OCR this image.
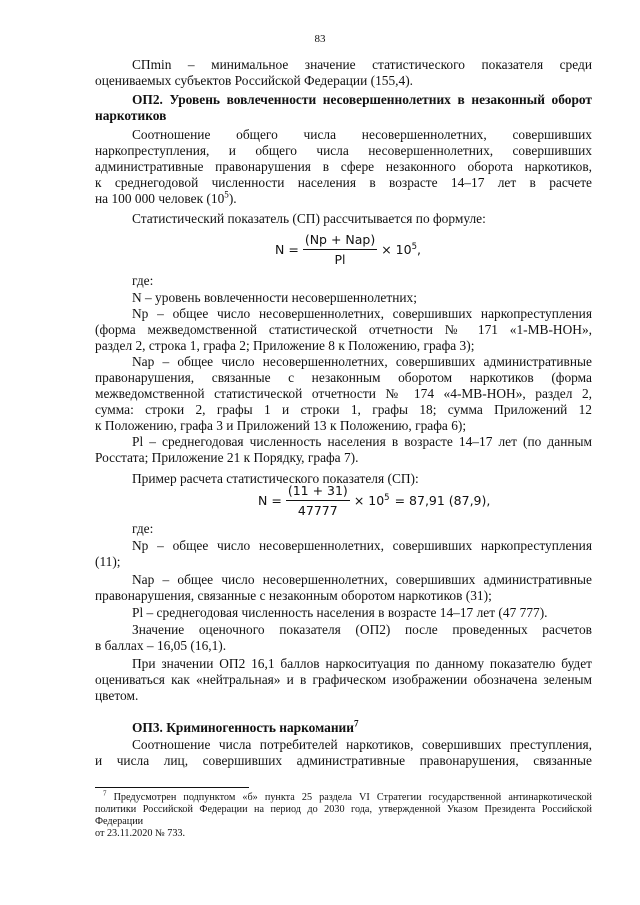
83

СПmin – минимальное значение статистического показателя среди

оцениваемых субъектов Российской Федерации (155,4).

ОП2. Уровень вовлеченности несовершеннолетних в незаконный оборот

наркотиков

Соотношение общего числа несовершеннолетних, совершивших

наркопреступления, и общего числа несовершеннолетних, совершивших

административные правонарушения в сфере незаконного оборота наркотиков,

к среднегодовой численности населения в возрасте 14–17 лет в расчете

на 100 000 человек $(10^5)$.

Статистический показатель (СП) рассчитывается по формуле:

$N = \frac{\text{(Np + Nap)}}{Pl} \times 10^5$ ,

где:

N – уровень вовлеченности несовершеннолетних;

Np – общее число несовершеннолетних, совершивших наркопреступления

(форма межведомственной статистической отчетности № 171 «1-МВ-НОН»,

раздел 2, строка 1, графа 2; Приложение 8 к Положению, графа 3);

Nap – общее число несовершеннолетних, совершивших административные

правонарушения, связанные с незаконным оборотом наркотиков (форма

межведомственной статистической отчетности № 174 «4-МВ-НОН», раздел 2,

сумма: строки 2, графы 1 и строки 1, графы 18; сумма Приложений 12

к Положению, графа 3 и Приложений 13 к Положению, графа 6);

Pl – среднегодовая численность населения в возрасте 14–17 лет (по данным

Росстата; Приложение 21 к Порядку, графа 7).

Пример расчета статистического показателя (СП):

$N = \frac{(11 + 31)}{47777} \times 10^5 = 87,91$ (87,9),

где:

Np – общее число несовершеннолетних, совершивших наркопреступления

(11);

Nap – общее число несовершеннолетних, совершивших административные

правонарушения, связанные с незаконным оборотом наркотиков (31);

Pl – среднегодовая численность населения в возрасте 14–17 лет (47 777).

Значение оценочного показателя (ОП2) после проведенных расчетов

в баллах – 16,05 (16,1).

При значении ОП2 16,1 баллов наркоситуация по данному показателю будет

оцениваться как «нейтральная» и в графическом изображении обозначена зеленым

цветом.

ОП3. Криминогенность наркомании$^7$

Соотношение числа потребителей наркотиков, совершивших преступления,

и числа лиц, совершивших административные правонарушения, связанные

$^7$ Предусмотрен подпунктом «б» пункта 25 раздела VI Стратегии государственной антинаркотической

политики Российской Федерации на период до 2030 года, утвержденной Указом Президента Российской

Федерации

от 23.11.2020 № 733.
